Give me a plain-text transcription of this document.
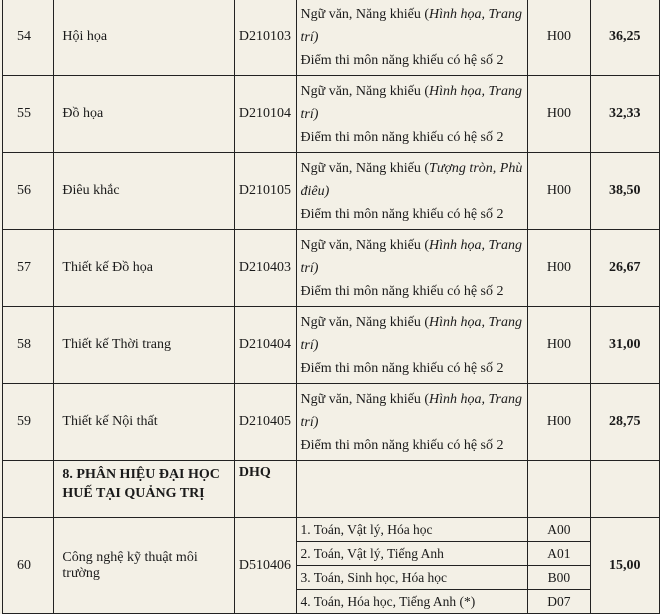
54	Hội họa	D210103	Ngữ văn, Năng khiếu (Hình họa, Trang trí)
Điểm thi môn năng khiếu có hệ số 2	H00	36,25
55	Đồ họa	D210104	Ngữ văn, Năng khiếu (Hình họa, Trang trí)
Điểm thi môn năng khiếu có hệ số 2	H00	32,33
56	Điêu khắc	D210105	Ngữ văn, Năng khiếu (Tượng tròn, Phù điêu)
Điểm thi môn năng khiếu có hệ số 2	H00	38,50
57	Thiết kế Đồ họa	D210403	Ngữ văn, Năng khiếu (Hình họa, Trang trí)
Điểm thi môn năng khiếu có hệ số 2	H00	26,67
58	Thiết kế Thời trang	D210404	Ngữ văn, Năng khiếu (Hình họa, Trang trí)
Điểm thi môn năng khiếu có hệ số 2	H00	31,00
59	Thiết kế Nội thất	D210405	Ngữ văn, Năng khiếu (Hình họa, Trang trí)
Điểm thi môn năng khiếu có hệ số 2	H00	28,75
	8. PHÂN HIỆU ĐẠI HỌC HUẾ TẠI QUẢNG TRỊ	DHQ			
60	Công nghệ kỹ thuật môi trường	D510406	1. Toán, Vật lý, Hóa học	A00	15,00

			2. Toán, Vật lý, Tiếng Anh	A01	

			3. Toán, Sinh học, Hóa học	B00	

			4. Toán, Hóa học, Tiếng Anh (*)	D07	
